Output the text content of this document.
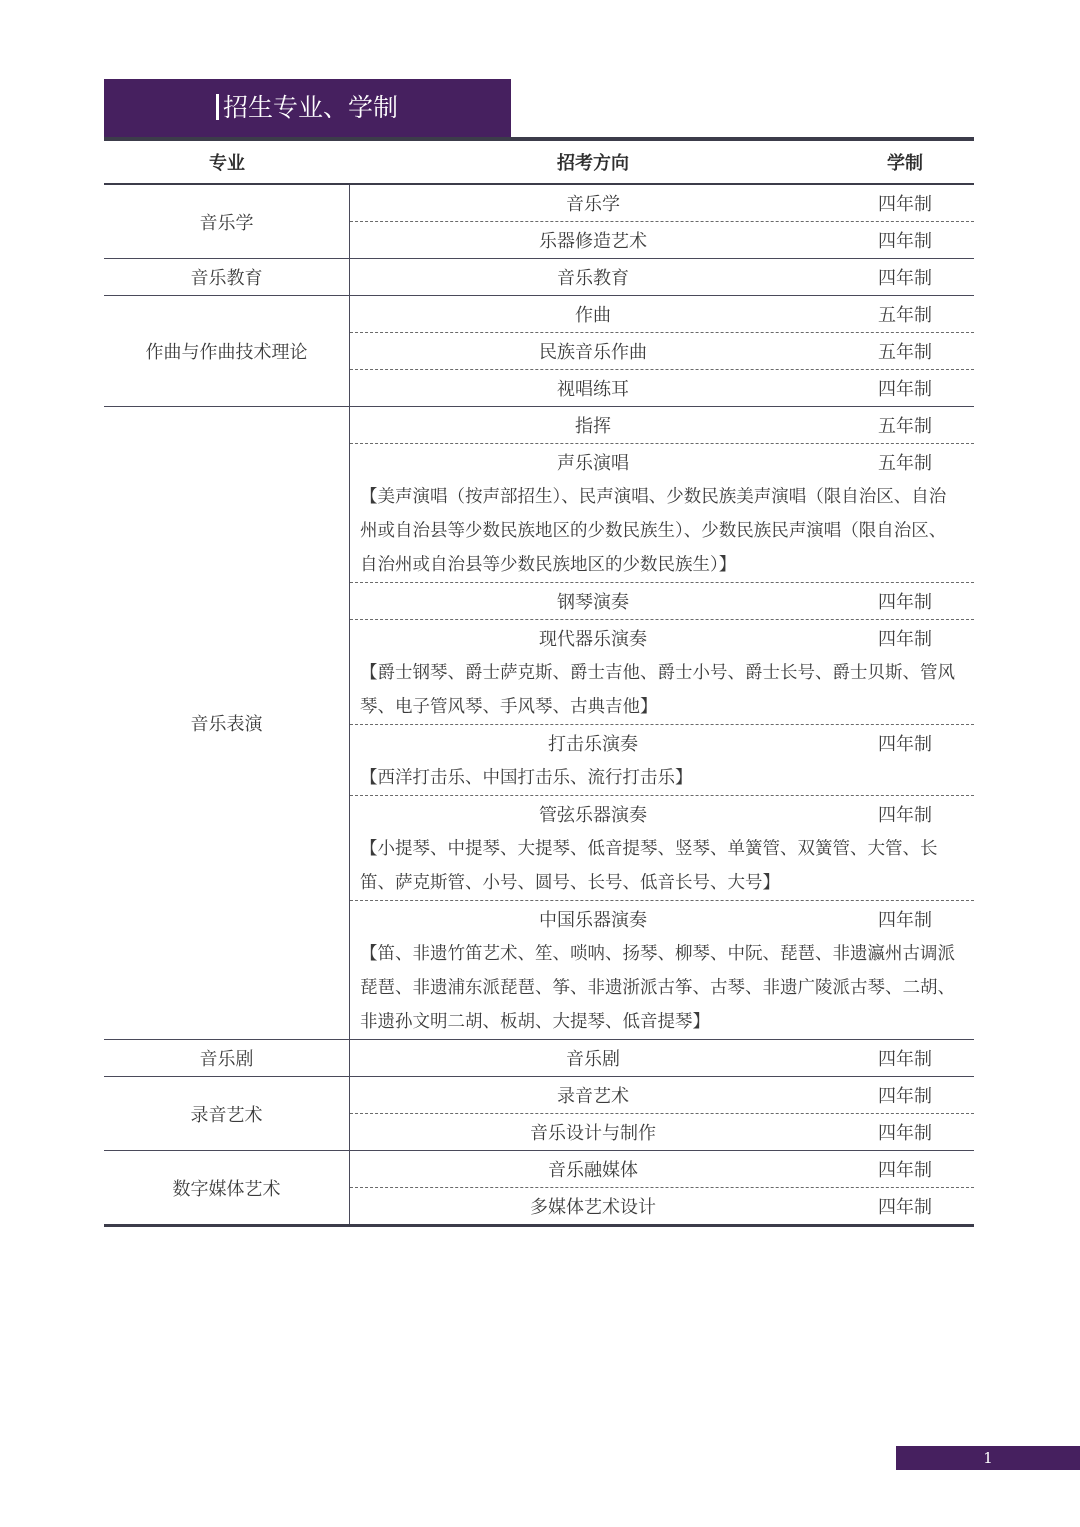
招生专业、学制
专业	招考方向	学制
音乐学
音乐学	四年制
乐器修造艺术	四年制
音乐教育	音乐教育	四年制
作曲与作曲技术理论
作曲	五年制
民族音乐作曲	五年制
视唱练耳	四年制
音乐表演
指挥	五年制
声乐演唱	五年制
【美声演唱（按声部招生）、民声演唱、少数民族美声演唱（限自治区、自治州或自治县等少数民族地区的少数民族生）、少数民族民声演唱（限自治区、自治州或自治县等少数民族地区的少数民族生）】
钢琴演奏	四年制
现代器乐演奏	四年制
【爵士钢琴、爵士萨克斯、爵士吉他、爵士小号、爵士长号、爵士贝斯、管风琴、电子管风琴、手风琴、古典吉他】
打击乐演奏	四年制
【西洋打击乐、中国打击乐、流行打击乐】
管弦乐器演奏	四年制
【小提琴、中提琴、大提琴、低音提琴、竖琴、单簧管、双簧管、大管、长笛、萨克斯管、小号、圆号、长号、低音长号、大号】
中国乐器演奏	四年制
【笛、非遗竹笛艺术、笙、唢呐、扬琴、柳琴、中阮、琵琶、非遗瀛州古调派琵琶、非遗浦东派琵琶、筝、非遗浙派古筝、古琴、非遗广陵派古琴、二胡、非遗孙文明二胡、板胡、大提琴、低音提琴】
音乐剧	音乐剧	四年制
录音艺术
录音艺术	四年制
音乐设计与制作	四年制
数字媒体艺术
音乐融媒体	四年制
多媒体艺术设计	四年制
1
